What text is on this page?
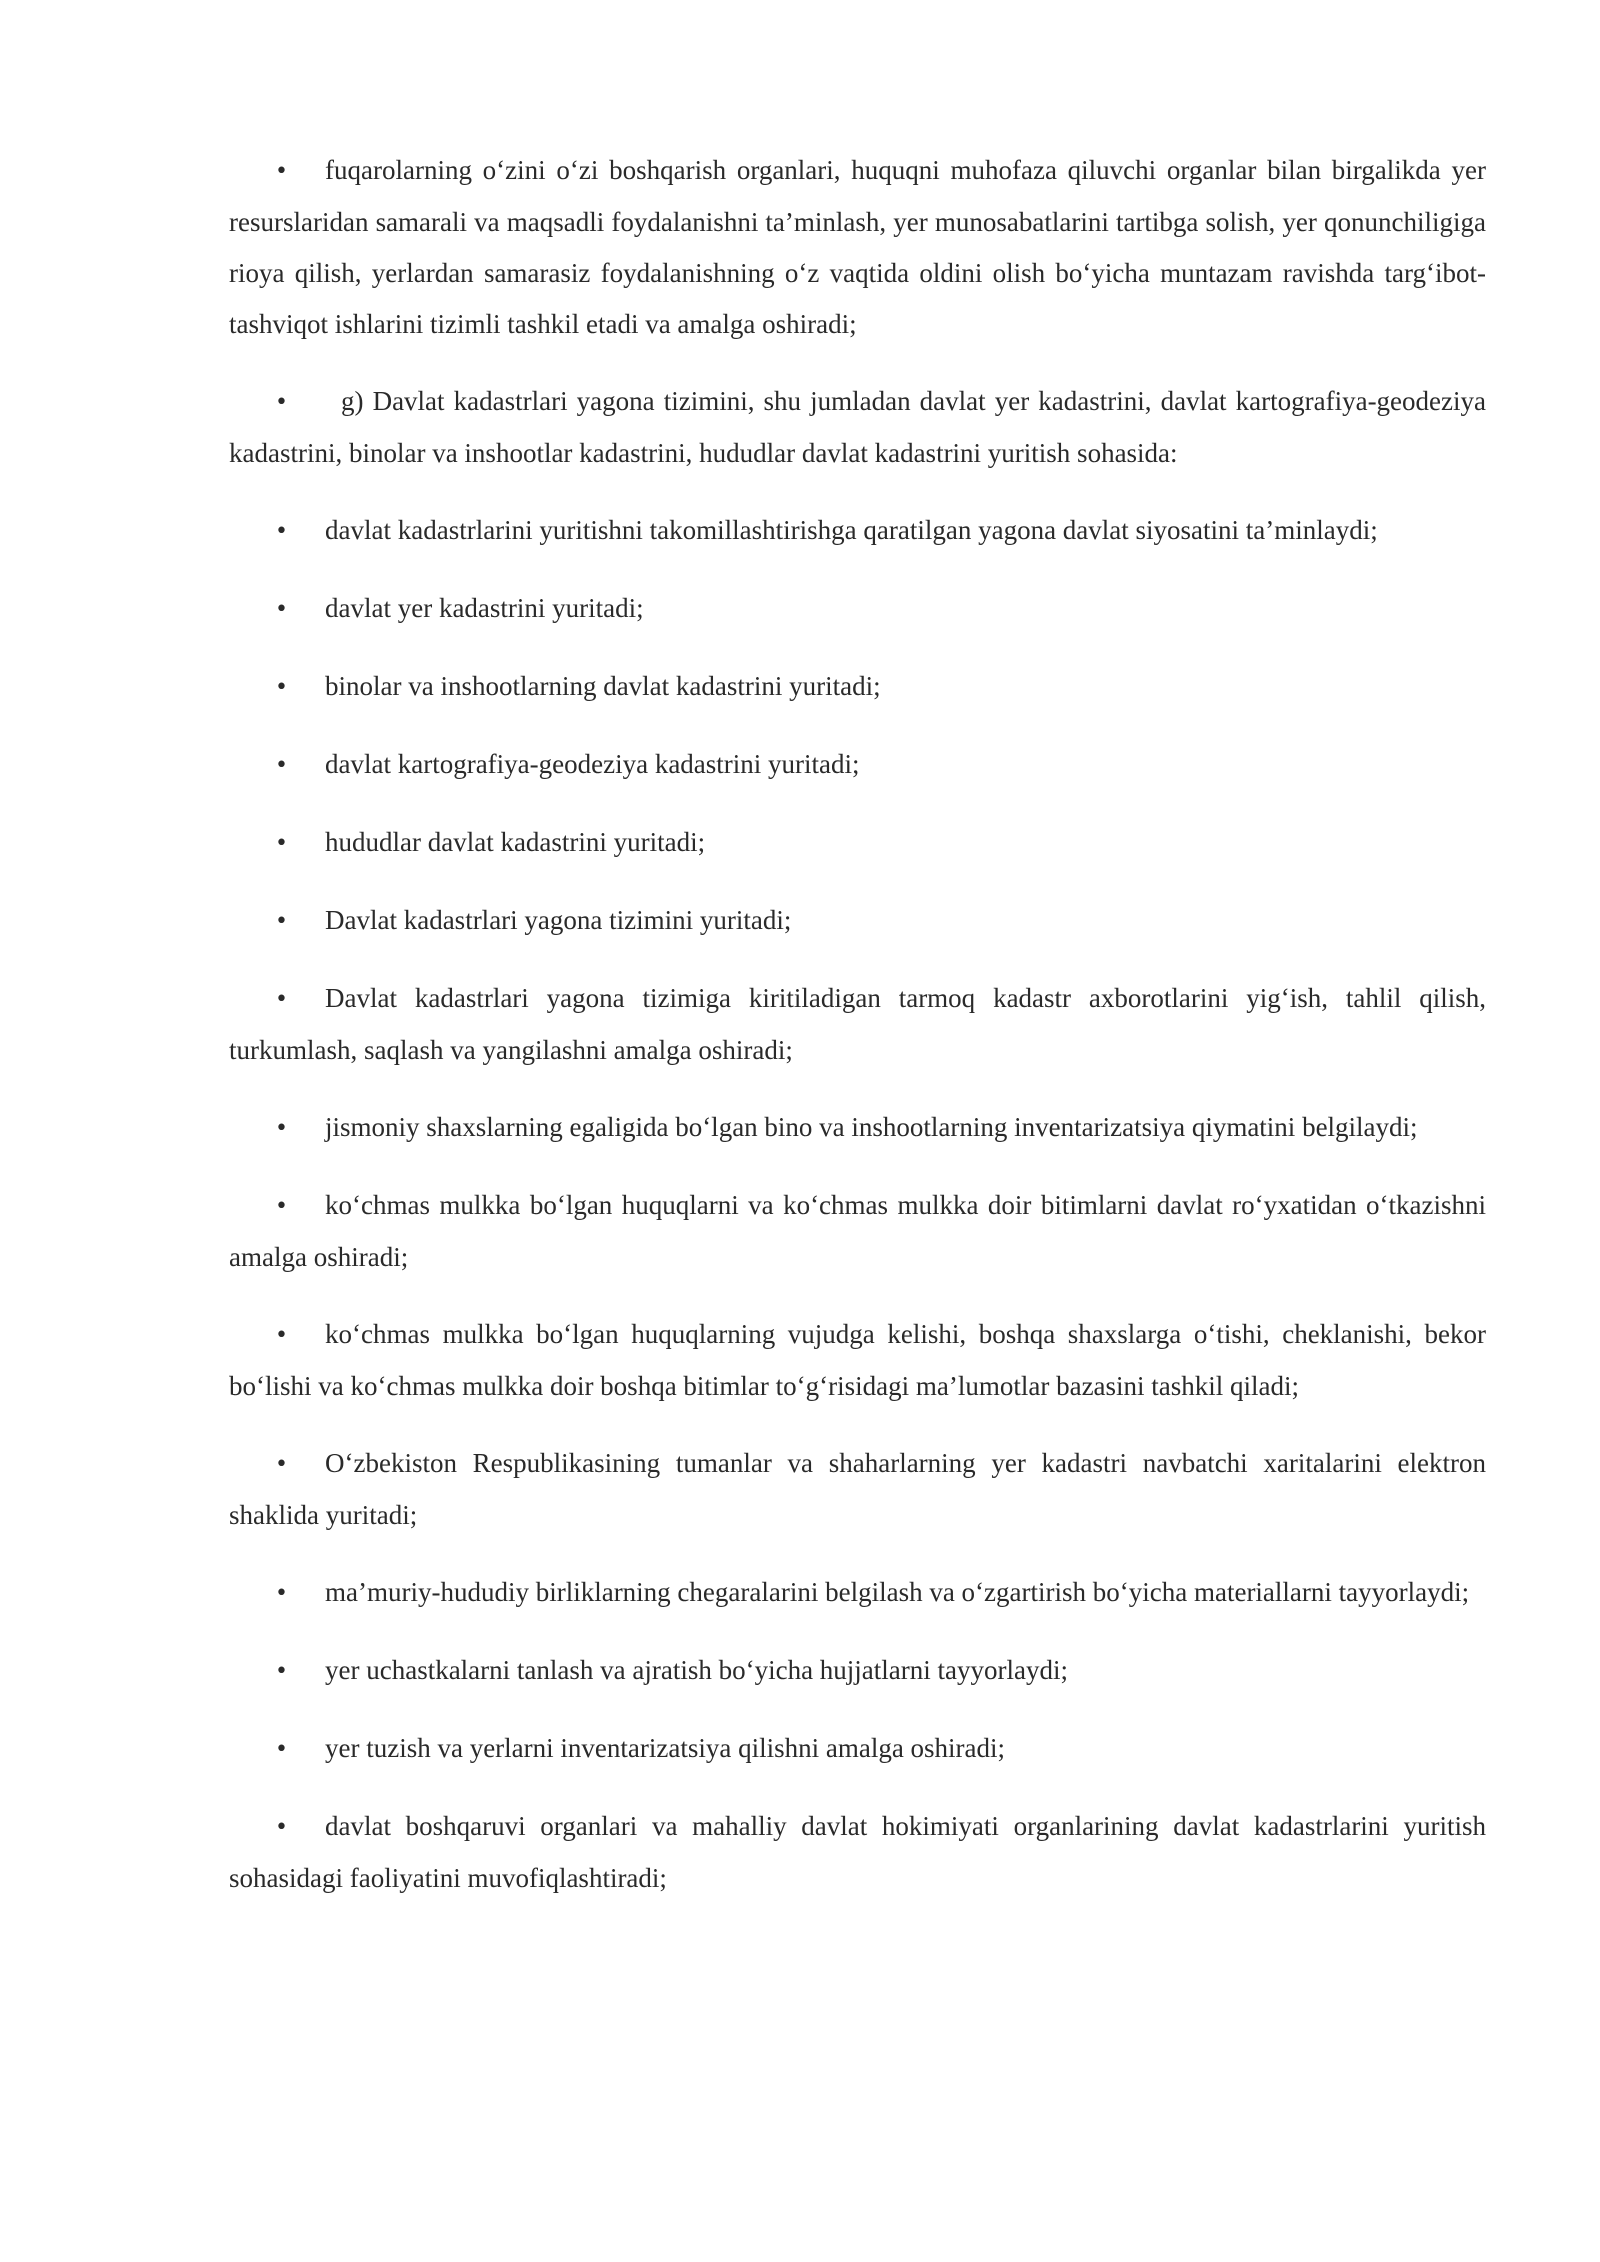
• fuqarolarning o‘zini o‘zi boshqarish organlari, huquqni muhofaza qiluvchi organlar bilan birgalikda yer resurslaridan samarali va maqsadli foydalanishni ta’minlash, yer munosabatlarini tartibga solish, yer qonunchiligiga rioya qilish, yerlardan samarasiz foydalanishning o‘z vaqtida oldini olish bo‘yicha muntazam ravishda targ‘ibot-tashviqot ishlarini tizimli tashkil etadi va amalga oshiradi;

• g) Davlat kadastrlari yagona tizimini, shu jumladan davlat yer kadastrini, davlat kartografiya-geodeziya kadastrini, binolar va inshootlar kadastrini, hududlar davlat kadastrini yuritish sohasida:

• davlat kadastrlarini yuritishni takomillashtirishga qaratilgan yagona davlat siyosatini ta’minlaydi;

• davlat yer kadastrini yuritadi;

• binolar va inshootlarning davlat kadastrini yuritadi;

• davlat kartografiya-geodeziya kadastrini yuritadi;

• hududlar davlat kadastrini yuritadi;

• Davlat kadastrlari yagona tizimini yuritadi;

• Davlat kadastrlari yagona tizimiga kiritiladigan tarmoq kadastr axborotlarini yig‘ish, tahlil qilish, turkumlash, saqlash va yangilashni amalga oshiradi;

• jismoniy shaxslarning egaligida bo‘lgan bino va inshootlarning inventarizatsiya qiymatini belgilaydi;

• ko‘chmas mulkka bo‘lgan huquqlarni va ko‘chmas mulkka doir bitimlarni davlat ro‘yxatidan o‘tkazishni amalga oshiradi;

• ko‘chmas mulkka bo‘lgan huquqlarning vujudga kelishi, boshqa shaxslarga o‘tishi, cheklanishi, bekor bo‘lishi va ko‘chmas mulkka doir boshqa bitimlar to‘g‘risidagi ma’lumotlar bazasini tashkil qiladi;

• O‘zbekiston Respublikasining tumanlar va shaharlarning yer kadastri navbatchi xaritalarini elektron shaklida yuritadi;

• ma’muriy-hududiy birliklarning chegaralarini belgilash va o‘zgartirish bo‘yicha materiallarni tayyorlaydi;

• yer uchastkalarni tanlash va ajratish bo‘yicha hujjatlarni tayyorlaydi;

• yer tuzish va yerlarni inventarizatsiya qilishni amalga oshiradi;

• davlat boshqaruvi organlari va mahalliy davlat hokimiyati organlarining davlat kadastrlarini yuritish sohasidagi faoliyatini muvofiqlashtiradi;
